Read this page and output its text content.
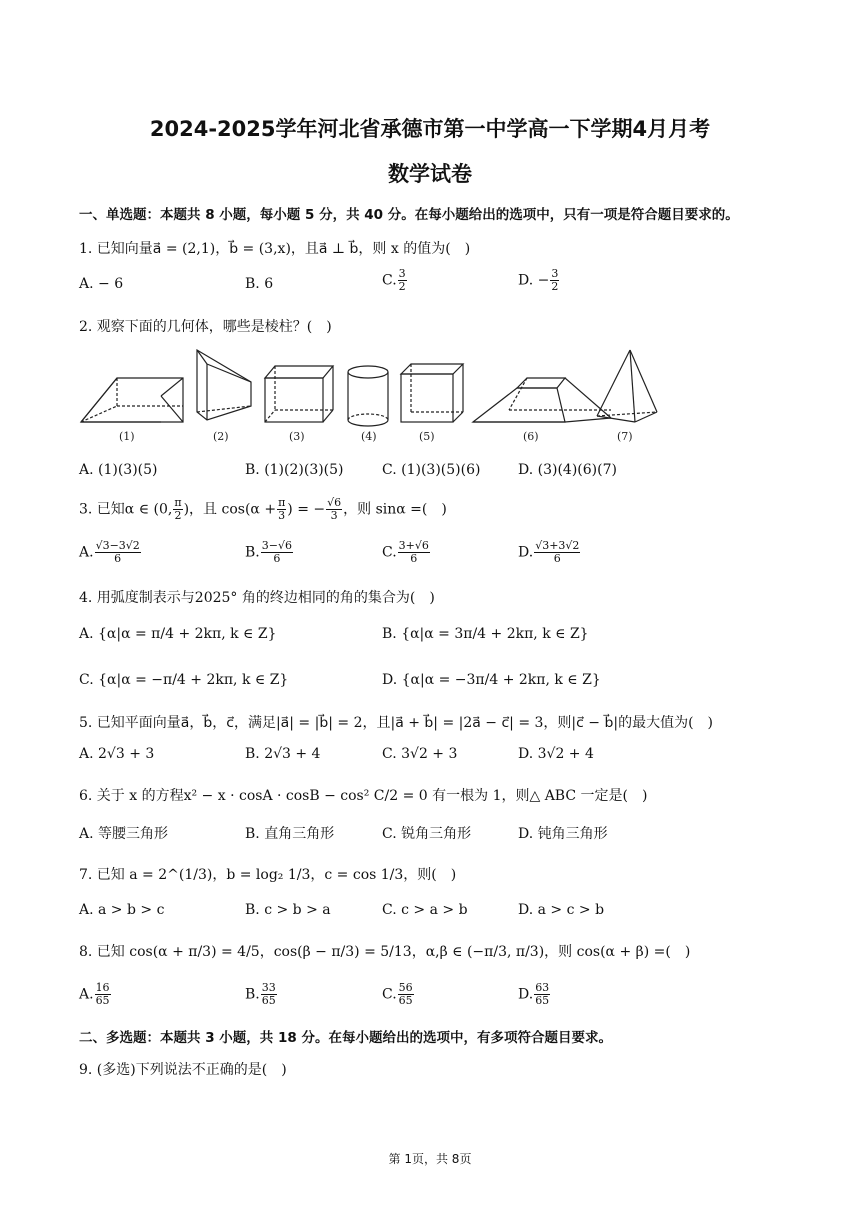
2024-2025学年河北省承德市第一中学高一下学期4月月考
数学试卷
一、单选题：本题共 8 小题，每小题 5 分，共 40 分。在每小题给出的选项中，只有一项是符合题目要求的。
1. 已知向量a⃗ = (2,1)，b⃗ = (3,x)，且a⃗ ⊥ b⃗，则 x 的值为(　)
A. − 6	B. 6	C. $\frac{3}{2}$	D. − $\frac{3}{2}$
2. 观察下面的几何体，哪些是棱柱？(　)
(1)	(2)	(3)	(4)	(5)	(6)	(7)
A. (1)(3)(5)	B. (1)(2)(3)(5)	C. (1)(3)(5)(6)	D. (3)(4)(6)(7)
3. 已知α ∈ (0, $\frac{\pi}{2}$ )，且 $\cos(\alpha + \frac{\pi}{3}$ ) = − $\frac{√6}{3}$ ，则 sinα =(　)
A. $\frac{√3-3√2}{6}$	B. $\frac{3-√6}{6}$	C. $\frac{3+√6}{6}$	D. $\frac{√3+3√2}{6}$
4. 用弧度制表示与2025° 角的终边相同的角的集合为(　)
A. {α|α = π/4 + 2kπ, k ∈ Z}	B. {α|α = 3π/4 + 2kπ, k ∈ Z}
C. {α|α = −π/4 + 2kπ, k ∈ Z}	D. {α|α = −3π/4 + 2kπ, k ∈ Z}
5. 已知平面向量a⃗，b⃗，c⃗，满足|a⃗| = |b⃗| = 2，且|a⃗ + b⃗| = |2a⃗ − c⃗| = 3，则|c⃗ − b⃗|的最大值为(　)
A. 2√3 + 3	B. 2√3 + 4	C. 3√2 + 3	D. 3√2 + 4
6. 关于 x 的方程x² − x · cosA · cosB − cos² C/2 = 0 有一根为 1，则△ ABC 一定是(　)
A. 等腰三角形	B. 直角三角形	C. 锐角三角形	D. 钝角三角形
7. 已知 a = 2^(1/3)，b = log₂ 1/3，c = cos 1/3，则(　)
A. a > b > c	B. c > b > a	C. c > a > b	D. a > c > b
8. 已知 cos(α + π/3) = 4/5，cos(β − π/3) = 5/13，α,β ∈ (−π/3, π/3)，则 cos(α + β) =(　)
A. $\frac{16}{65}$	B. $\frac{33}{65}$	C. $\frac{56}{65}$	D. $\frac{63}{65}$
二、多选题：本题共 3 小题，共 18 分。在每小题给出的选项中，有多项符合题目要求。
9. (多选)下列说法不正确的是(　)
第 1页，共 8页
